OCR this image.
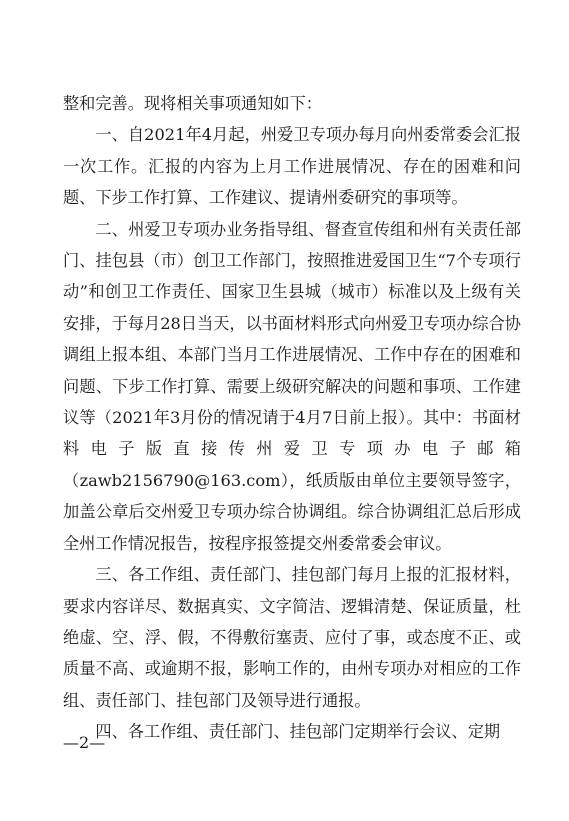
整和完善。现将相关事项通知如下：

一、自2021年4月起，州爱卫专项办每月向州委常委会汇报一次工作。汇报的内容为上月工作进展情况、存在的困难和问题、下步工作打算、工作建议、提请州委研究的事项等。

二、州爱卫专项办业务指导组、督查宣传组和州有关责任部门、挂包县（市）创卫工作部门，按照推进爱国卫生“7个专项行动”和创卫工作责任、国家卫生县城（城市）标准以及上级有关安排，于每月28日当天，以书面材料形式向州爱卫专项办综合协调组上报本组、本部门当月工作进展情况、工作中存在的困难和问题、下步工作打算、需要上级研究解决的问题和事项、工作建议等（2021年3月份的情况请于4月7日前上报）。其中：书面材料电子版直接传州爱卫专项办电子邮箱（zawb2156790@163.com），纸质版由单位主要领导签字，加盖公章后交州爱卫专项办综合协调组。综合协调组汇总后形成全州工作情况报告，按程序报签提交州委常委会审议。

三、各工作组、责任部门、挂包部门每月上报的汇报材料，要求内容详尽、数据真实、文字简洁、逻辑清楚、保证质量，杜绝虚、空、浮、假，不得敷衍塞责、应付了事，或态度不正、或质量不高、或逾期不报，影响工作的，由州专项办对相应的工作组、责任部门、挂包部门及领导进行通报。

四、各工作组、责任部门、挂包部门定期举行会议、定期

—2—
